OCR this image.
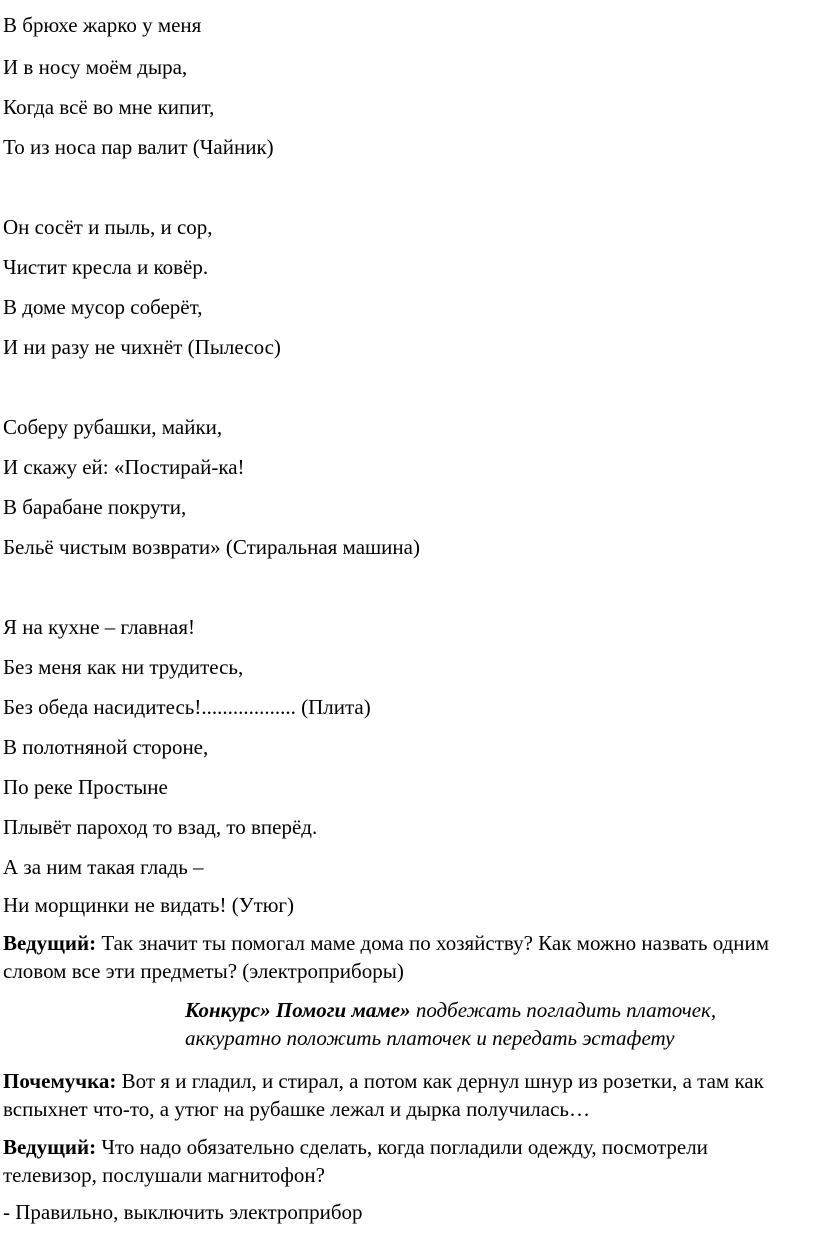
В брюхе жарко у меня
И в носу моём дыра,
Когда всё во мне кипит,
То из носа пар валит (Чайник)
Он сосёт и пыль, и сор,
Чистит кресла и ковёр.
В доме мусор соберёт,
И ни разу не чихнёт (Пылесос)
Соберу рубашки, майки,
И скажу ей: «Постирай-ка!
В барабане покрути,
Бельё чистым возврати» (Стиральная машина)
Я на кухне – главная!
Без меня как ни трудитесь,
Без обеда насидитесь!.................. (Плита)
В полотняной стороне,
По реке Простыне
Плывёт пароход то взад, то вперёд.
А за ним такая гладь –
Ни морщинки не видать! (Утюг)
Ведущий: Так значит ты помогал маме дома по хозяйству? Как можно назвать одним словом все эти предметы? (электроприборы)
Конкурс» Помоги маме» подбежать погладить платочек, аккуратно положить платочек и передать эстафету
Почемучка: Вот я и гладил, и стирал, а потом как дернул шнур из розетки, а там как вспыхнет что-то, а утюг на рубашке лежал и дырка получилась…
Ведущий: Что надо обязательно сделать, когда погладили одежду, посмотрели телевизор, послушали магнитофон?
- Правильно, выключить электроприбор
